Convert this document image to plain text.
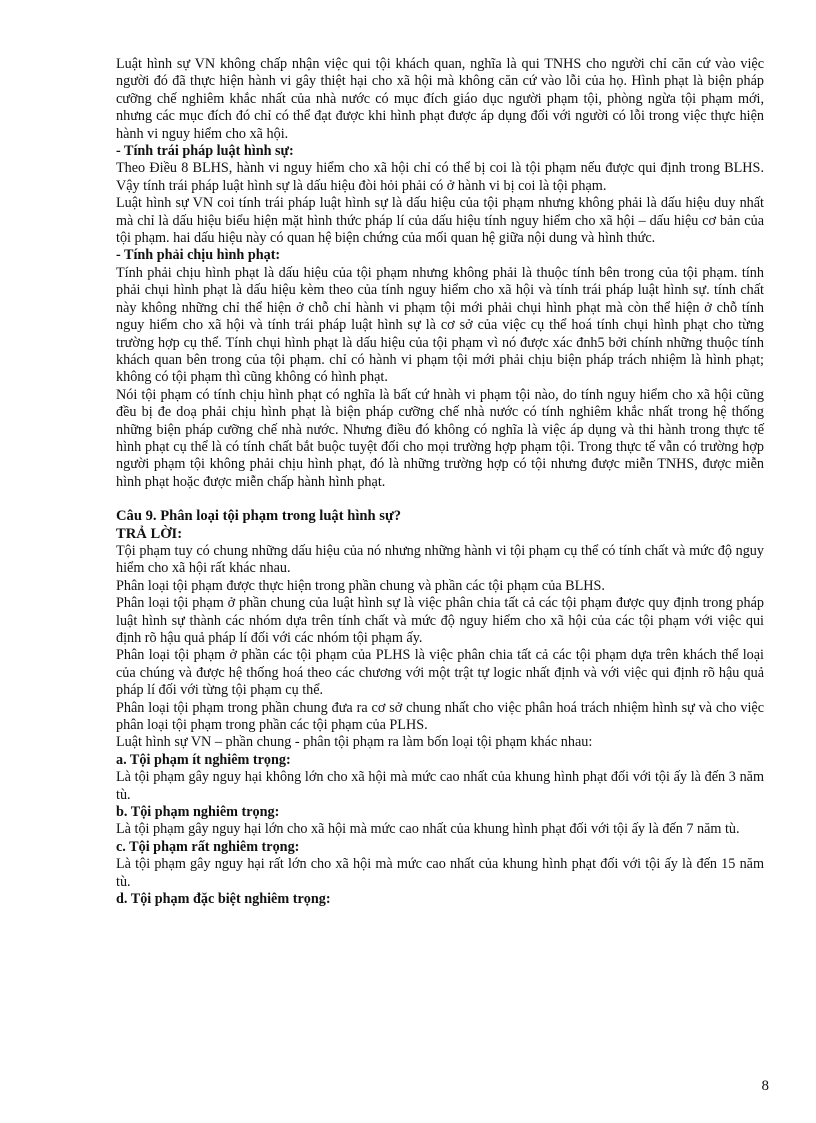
Luật hình sự VN không chấp nhận việc qui tội khách quan, nghĩa là qui TNHS cho người chỉ căn cứ vào việc người đó đã thực hiện hành vi gây thiệt hại cho xã hội mà không căn cứ vào lỗi của họ. Hình phạt là biện pháp cưỡng chế nghiêm khắc nhất của nhà nước có mục đích giáo dục người phạm tội, phòng ngừa tội phạm mới, nhưng các mục đích đó chỉ có thể đạt được khi hình phạt được áp dụng đối với người có lỗi trong việc thực hiện hành vi nguy hiểm cho xã hội.

- Tính trái pháp luật hình sự:

Theo Điều 8 BLHS, hành vi nguy hiểm cho xã hội chỉ có thể bị coi là tội phạm nếu được qui định trong BLHS. Vậy tính trái pháp luật hình sự là dấu hiệu đòi hỏi phải có ở hành vi bị coi là tội phạm.

Luật hình sự VN coi tính trái pháp luật hình sự là dấu hiệu của tội phạm nhưng không phải là dấu hiệu duy nhất mà chỉ là dấu hiệu biểu hiện mặt hình thức pháp lí của dấu hiệu tính nguy hiểm cho xã hội – dấu hiệu cơ bản của tội phạm. hai dấu hiệu này có quan hệ biện chứng của mối quan hệ giữa nội dung và hình thức.

- Tính phải chịu hình phạt:

Tính phải chịu hình phạt là dấu hiệu của tội phạm nhưng không phải là thuộc tính bên trong của tội phạm. tính phải chụi hình phạt là dấu hiệu kèm theo của tính nguy hiểm cho xã hội và tính trái pháp luật hình sự. tính chất này không những chỉ thể hiện ở chỗ chỉ hành vi phạm tội mới phải chụi hình phạt mà còn thể hiện ở chỗ tính nguy hiểm cho xã hội và tính trái pháp luật hình sự là cơ sở của việc cụ thể hoá tính chụi hình phạt cho từng trường hợp cụ thể. Tính chụi hình phạt là dấu hiệu của tội phạm vì nó được xác đnh5 bởi chính những thuộc tính khách quan bên trong của tội phạm. chỉ có hành vi phạm tội mới phải chịu biện pháp trách nhiệm là hình phạt; không có tội phạm thì cũng không có hình phạt.

Nói tội phạm có tính chịu hình phạt có nghĩa là bất cứ hnàh vi phạm tội nào, do tính nguy hiểm cho xã hội cũng đều bị đe doạ phải chịu hình phạt là biện pháp cưỡng chế nhà nước có tính nghiêm khắc nhất trong hệ thống những biện pháp cưỡng chế nhà nước. Nhưng điều đó không có nghĩa là việc áp dụng và thi hành trong thực tế hình phạt cụ thể là có tính chất bắt buộc tuyệt đối cho mọi trường hợp phạm tội. Trong thực tế vẫn có trường hợp người phạm tội không phải chịu hình phạt, đó là những trường hợp có tội nhưng được miễn TNHS, được miễn hình phạt hoặc được miễn chấp hành hình phạt.

Câu 9. Phân loại tội phạm trong luật hình sự?

TRẢ LỜI:

Tội phạm tuy có chung những dấu hiệu của nó nhưng những hành vi tội phạm cụ thể có tính chất và mức độ nguy hiểm cho xã hội rất khác nhau.

Phân loại tội phạm được thực hiện trong phần chung và phần các tội phạm của BLHS.

Phân loại tội phạm ở phần chung của luật hình sự là việc phân chia tất cả các tội phạm được quy định trong pháp luật hình sự thành các nhóm dựa trên tính chất và mức độ nguy hiểm cho xã hội của các tội phạm với việc qui định rõ hậu quả pháp lí đối với các nhóm tội phạm ấy.

Phân loại tội phạm ở phần các tội phạm của PLHS là việc phân chia tất cả các tội phạm dựa trên khách thể loại của chúng và được hệ thống hoá theo các chương với một trật tự logic nhất định và với việc qui định rõ hậu quả pháp lí đối với từng tội phạm cụ thể.

Phân loại tội phạm trong phần chung đưa ra cơ sở chung nhất cho việc phân hoá trách nhiệm hình sự và cho việc phân loại tội phạm trong phần các tội phạm của PLHS.

Luật hình sự VN – phần chung - phân tội phạm ra làm bốn loại tội phạm khác nhau:

a. Tội phạm ít nghiêm trọng:

Là tội phạm gây nguy hại không lớn cho xã hội mà mức cao nhất của khung hình phạt đối với tội ấy là đến 3 năm tù.

b. Tội phạm nghiêm trọng:

Là tội phạm gây nguy hại lớn cho xã hội mà mức cao nhất của khung hình phạt đối với tội ấy là đến 7 năm tù.

c. Tội phạm rất nghiêm trọng:

Là tội phạm gây nguy hại rất lớn cho xã hội mà mức cao nhất của khung hình phạt đối với tội ấy là đến 15 năm tù.

d. Tội phạm đặc biệt nghiêm trọng:

8
